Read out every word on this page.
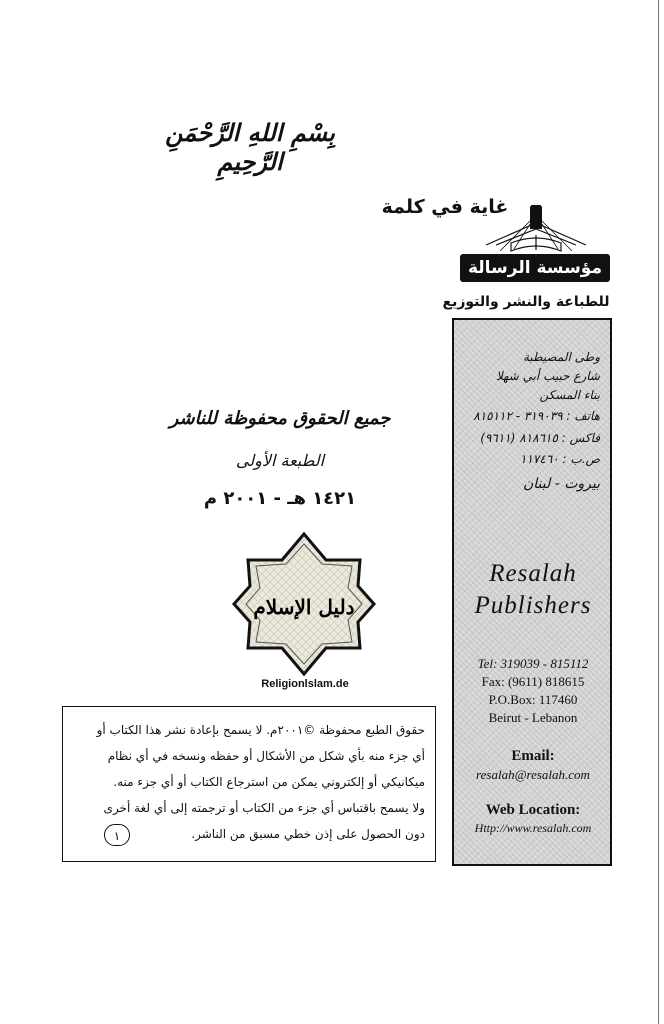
بِسْمِ اللهِ الرَّحْمَنِ الرَّحِيمِ
غاية في كلمة
مؤسسة الرسالة
للطباعة والنشر والتوزيع
وطى المصيطبة
شارع حبيب أبي شهلا
بناء المسكن
هاتف : ٣١٩٠٣٩ - ٨١٥١١٢
فاكس : ٨١٨٦١٥ (٩٦١١)
ص.ب : ١١٧٤٦٠
بيروت - لبنان
Resalah
Publishers
Tel: 319039 - 815112
Fax: (9611) 818615
P.O.Box: 117460
Beirut - Lebanon
Email:
resalah@resalah.com
Web Location:
Http://www.resalah.com
جميع الحقوق محفوظة للناشر
الطبعة الأولى
١٤٢١ هـ - ٢٠٠١ م
دليل الإسلام
Religionlslam.de
حقوق الطبع محفوظة ©٢٠٠١م. لا يسمح بإعادة نشر هذا الكتاب أو
أي جزء منه بأي شكل من الأشكال أو حفظه ونسخه في أي نظام
ميكانيكي أو إلكتروني يمكن من استرجاع الكتاب أو أي جزء منه.
ولا يسمح باقتباس أي جزء من الكتاب أو ترجمته إلى أي لغة أخرى
دون الحصول على إذن خطي مسبق من الناشر.
١
